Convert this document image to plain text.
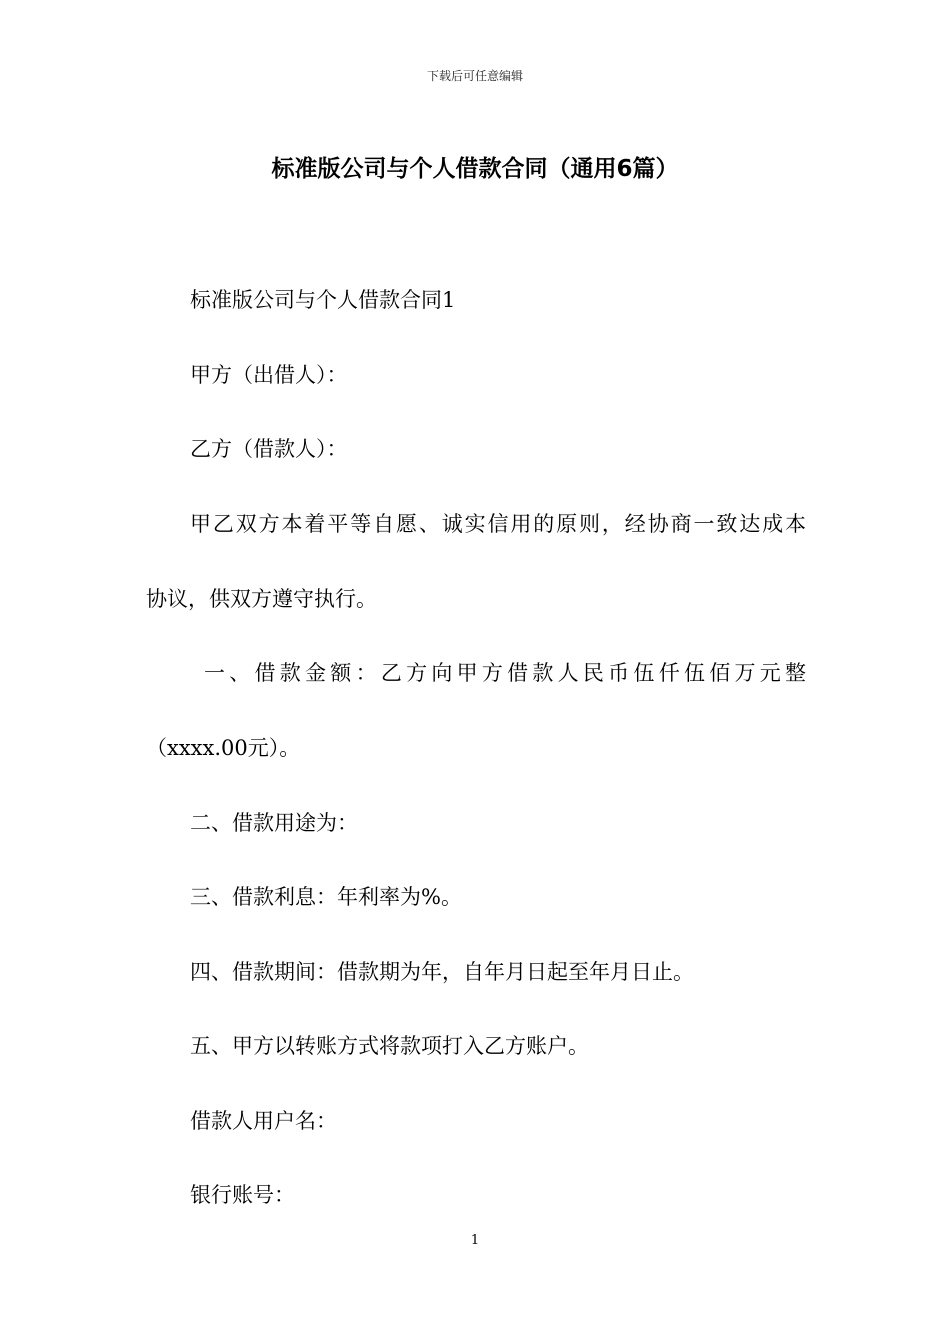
下载后可任意编辑
标准版公司与个人借款合同（通用6篇）

标准版公司与个人借款合同1

甲方（出借人）：

乙方（借款人）：

甲乙双方本着平等自愿、诚实信用的原则，经协商一致达成本

协议，供双方遵守执行。

一、借款金额：乙方向甲方借款人民币伍仟伍佰万元整

（xxxx.00元）。

二、借款用途为：

三、借款利息：年利率为%。

四、借款期间：借款期为年，自年月日起至年月日止。

五、甲方以转账方式将款项打入乙方账户。

借款人用户名：

银行账号：

1
